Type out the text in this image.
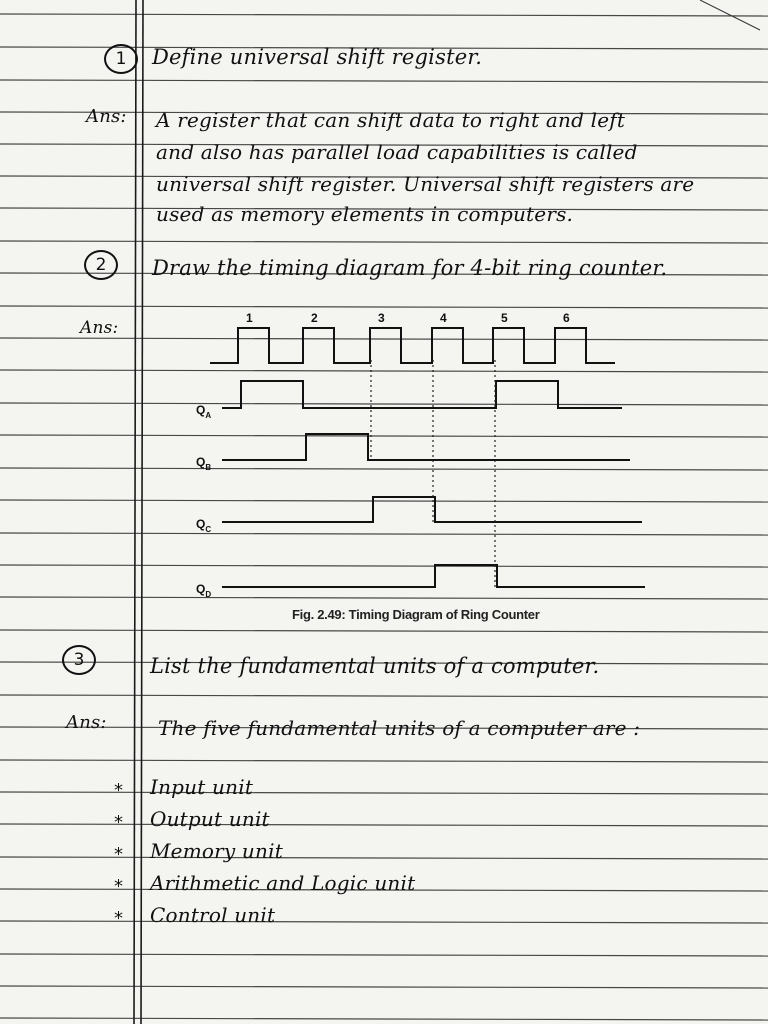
1	Define universal shift register.
Ans: A register that can shift data to right and left
and also has parallel load capabilities is called
universal shift register. Universal shift registers are
used as memory elements in computers.
2	Draw the timing diagram for 4-bit ring counter.
Ans:	1	2	3	4	5	6
$Q_A$
$Q_B$
$Q_C$
$Q_D$
Fig. 2.49: Timing Diagram of Ring Counter
3	List the fundamental units of a computer.
Ans:	The five fundamental units of a computer are :
* Input unit
* Output unit
* Memory unit
* Arithmetic and Logic unit
* Control unit
